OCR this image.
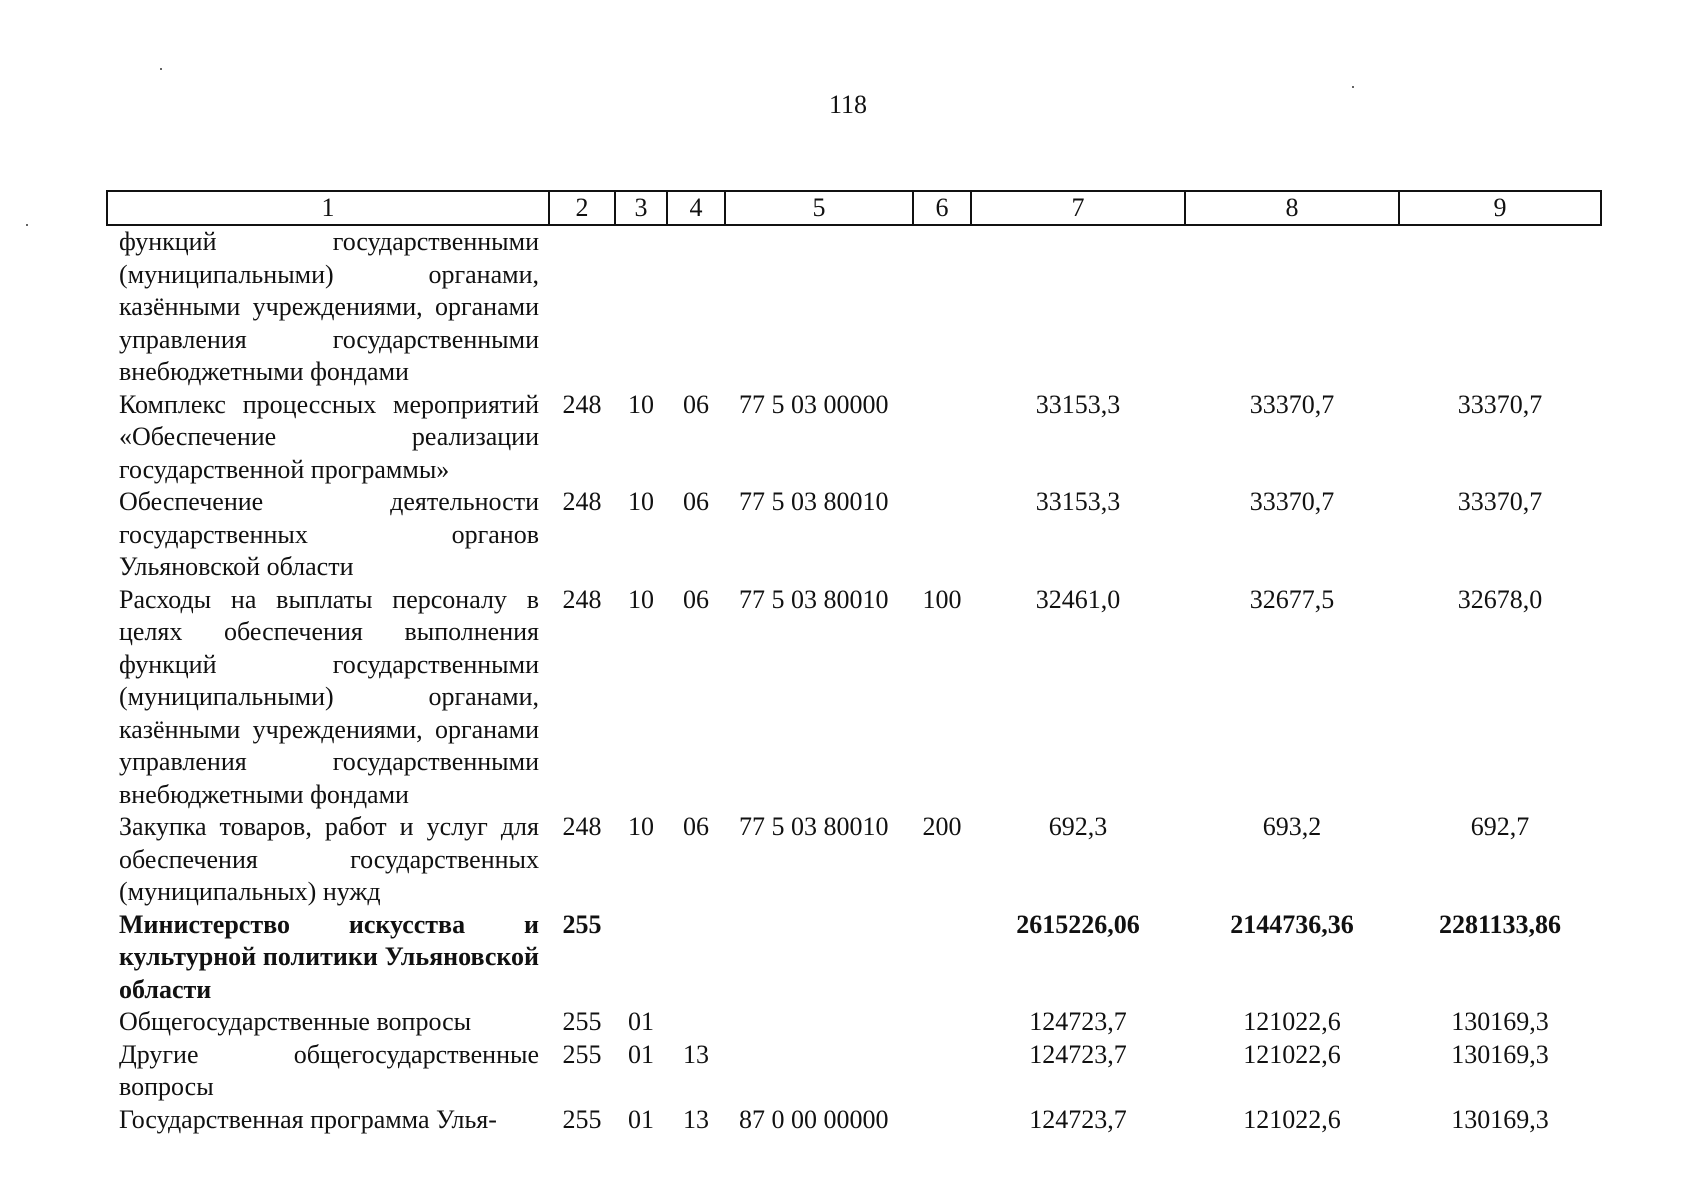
118
1	2	3	4	5	6	7	8	9
функций государственными (муниципальными) органами, казёнными учреждениями, органами управления государственными внебюджетными фондами								
Комплекс процессных мероприятий «Обеспечение реализации государственной программы»	248	10	06	77 5 03 00000		33153,3	33370,7	33370,7
Обеспечение деятельности государственных органов Ульяновской области	248	10	06	77 5 03 80010		33153,3	33370,7	33370,7
Расходы на выплаты персоналу в целях обеспечения выполнения функций государственными (муниципальными) органами, казёнными учреждениями, органами управления государственными внебюджетными фондами	248	10	06	77 5 03 80010	100	32461,0	32677,5	32678,0
Закупка товаров, работ и услуг для обеспечения государственных (муниципальных) нужд	248	10	06	77 5 03 80010	200	692,3	693,2	692,7
Министерство искусства и культурной политики Ульяновской области	255					2615226,06	2144736,36	2281133,86
Общегосударственные вопросы	255	01				124723,7	121022,6	130169,3
Другие общегосударственные вопросы	255	01	13			124723,7	121022,6	130169,3
Государственная программа Улья-	255	01	13	87 0 00 00000		124723,7	121022,6	130169,3
